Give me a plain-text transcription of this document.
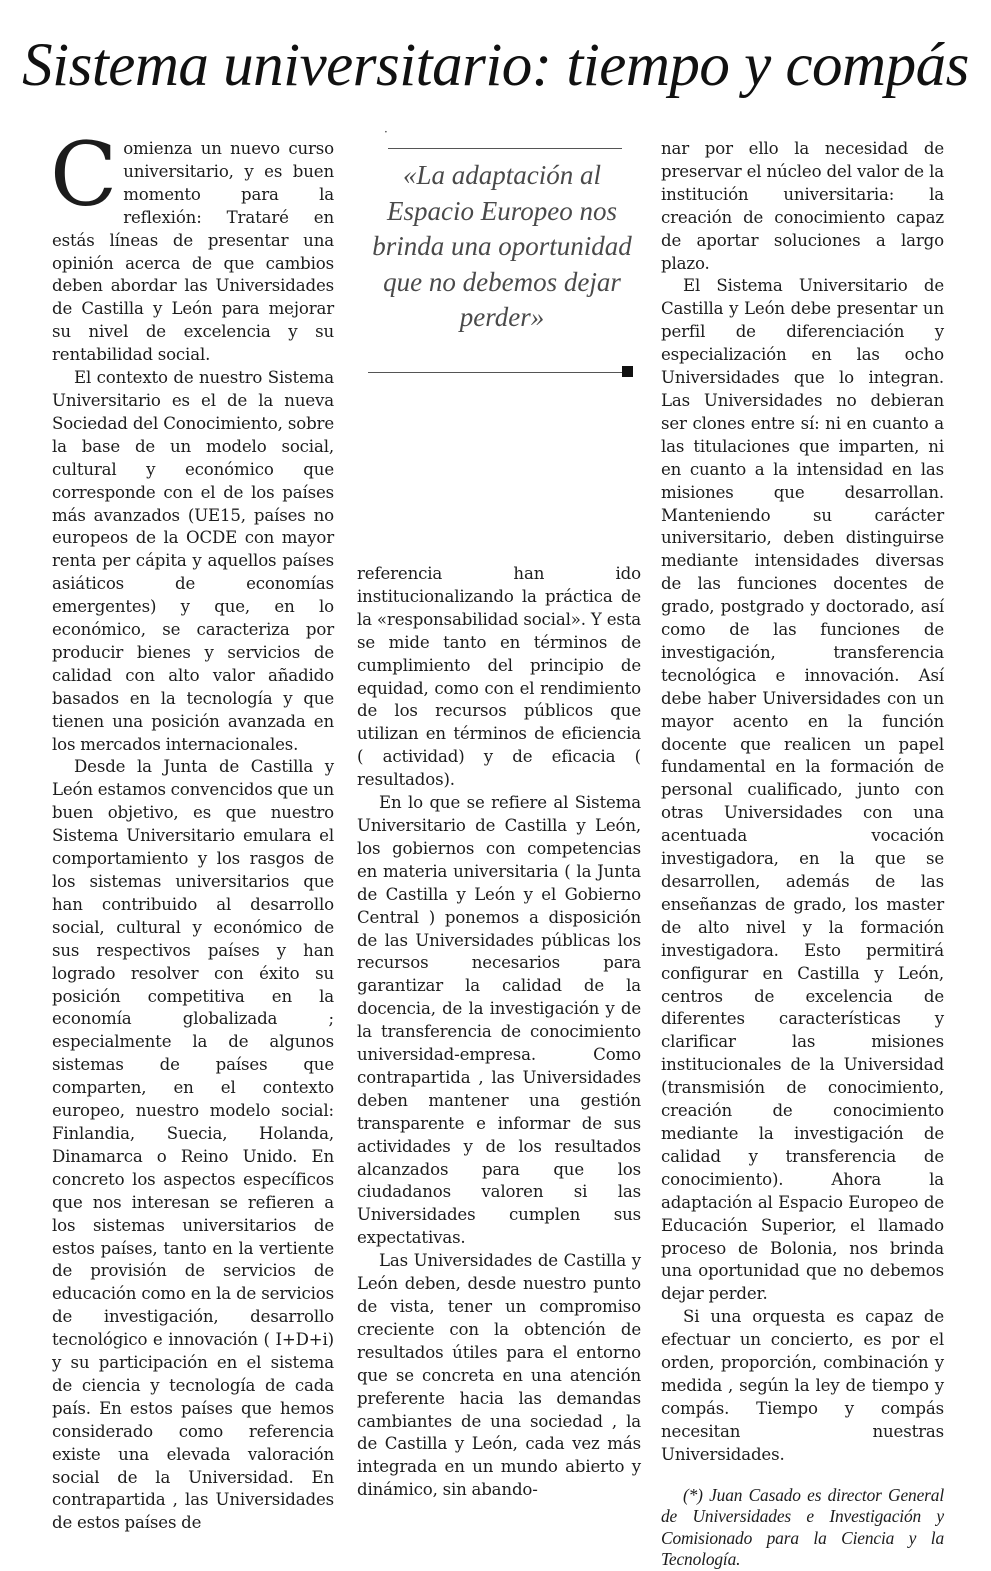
Sistema universitario: tiempo y compás

Comienza un nuevo curso universitario, y es buen momento para la reflexión: Trataré en estás líneas de presentar una opinión acerca de que cambios deben abordar las Universidades de Castilla y León para mejorar su nivel de excelencia y su rentabilidad social.

El contexto de nuestro Sistema Universitario es el de la nueva Sociedad del Conocimiento, sobre la base de un modelo social, cultural y económico que corresponde con el de los países más avanzados (UE15, países no europeos de la OCDE con mayor renta per cápita y aquellos países asiáticos de economías emergentes) y que, en lo económico, se caracteriza por producir bienes y servicios de calidad con alto valor añadido basados en la tecnología y que tienen una posición avanzada en los mercados internacionales.

Desde la Junta de Castilla y León estamos convencidos que un buen objetivo, es que nuestro Sistema Universitario emulara el comportamiento y los rasgos de los sistemas universitarios que han contribuido al desarrollo social, cultural y económico de sus respectivos países y han logrado resolver con éxito su posición competitiva en la economía globalizada ; especialmente la de algunos sistemas de países que comparten, en el contexto europeo, nuestro modelo social: Finlandia, Suecia, Holanda, Dinamarca o Reino Unido. En concreto los aspectos específicos que nos interesan se refieren a los sistemas universitarios de estos países, tanto en la vertiente de provisión de servicios de educación como en la de servicios de investigación, desarrollo tecnológico e innovación ( I+D+i) y su participación en el sistema de ciencia y tecnología de cada país. En estos países que hemos considerado como referencia existe una elevada valoración social de la Universidad. En contrapartida , las Universidades de estos países de

·

«La adaptación al Espacio Europeo nos brinda una oportunidad que no debemos dejar perder»

referencia han ido institucionalizando la práctica de la «responsabilidad social». Y esta se mide tanto en términos de cumplimiento del principio de equidad, como con el rendimiento de los recursos públicos que utilizan en términos de eficiencia ( actividad) y de eficacia ( resultados).

En lo que se refiere al Sistema Universitario de Castilla y León, los gobiernos con competencias en materia universitaria ( la Junta de Castilla y León y el Gobierno Central ) ponemos a disposición de las Universidades públicas los recursos necesarios para garantizar la calidad de la docencia, de la investigación y de la transferencia de conocimiento universidad-empresa. Como contrapartida , las Universidades deben mantener una gestión transparente e informar de sus actividades y de los resultados alcanzados para que los ciudadanos valoren si las Universidades cumplen sus expectativas.

Las Universidades de Castilla y León deben, desde nuestro punto de vista, tener un compromiso creciente con la obtención de resultados útiles para el entorno que se concreta en una atención preferente hacia las demandas cambiantes de una sociedad , la de Castilla y León, cada vez más integrada en un mundo abierto y dinámico, sin abando-

nar por ello la necesidad de preservar el núcleo del valor de la institución universitaria: la creación de conocimiento capaz de aportar soluciones a largo plazo.

El Sistema Universitario de Castilla y León debe presentar un perfil de diferenciación y especialización en las ocho Universidades que lo integran. Las Universidades no debieran ser clones entre sí: ni en cuanto a las titulaciones que imparten, ni en cuanto a la intensidad en las misiones que desarrollan. Manteniendo su carácter universitario, deben distinguirse mediante intensidades diversas de las funciones docentes de grado, postgrado y doctorado, así como de las funciones de investigación, transferencia tecnológica e innovación. Así debe haber Universidades con un mayor acento en la función docente que realicen un papel fundamental en la formación de personal cualificado, junto con otras Universidades con una acentuada vocación investigadora, en la que se desarrollen, además de las enseñanzas de grado, los master de alto nivel y la formación investigadora. Esto permitirá configurar en Castilla y León, centros de excelencia de diferentes características y clarificar las misiones institucionales de la Universidad (transmisión de conocimiento, creación de conocimiento mediante la investigación de calidad y transferencia de conocimiento). Ahora la adaptación al Espacio Europeo de Educación Superior, el llamado proceso de Bolonia, nos brinda una oportunidad que no debemos dejar perder.

Si una orquesta es capaz de efectuar un concierto, es por el orden, proporción, combinación y medida , según la ley de tiempo y compás. Tiempo y compás necesitan nuestras Universidades.

(*) Juan Casado es director General de Universidades e Investigación y Comisionado para la Ciencia y la Tecnología.
